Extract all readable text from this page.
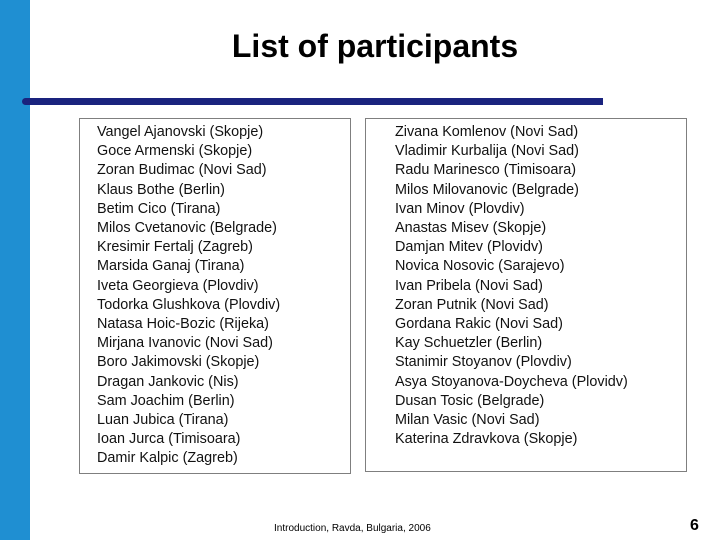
List of participants
Vangel Ajanovski (Skopje)
Goce Armenski (Skopje)
Zoran Budimac (Novi Sad)
Klaus Bothe (Berlin)
Betim Cico (Tirana)
Milos Cvetanovic (Belgrade)
Kresimir Fertalj (Zagreb)
Marsida Ganaj (Tirana)
Iveta Georgieva (Plovdiv)
Todorka Glushkova (Plovdiv)
Natasa Hoic-Bozic (Rijeka)
Mirjana Ivanovic (Novi Sad)
Boro Jakimovski (Skopje)
Dragan Jankovic (Nis)
Sam Joachim (Berlin)
Luan Jubica (Tirana)
Ioan Jurca (Timisoara)
Damir Kalpic (Zagreb)
Zivana Komlenov (Novi Sad)
Vladimir Kurbalija (Novi Sad)
Radu Marinesco (Timisoara)
Milos Milovanovic (Belgrade)
Ivan Minov (Plovdiv)
Anastas Misev (Skopje)
Damjan Mitev (Plovidv)
Novica Nosovic (Sarajevo)
Ivan Pribela (Novi Sad)
Zoran Putnik (Novi Sad)
Gordana Rakic (Novi Sad)
Kay Schuetzler (Berlin)
Stanimir Stoyanov (Plovdiv)
Asya Stoyanova-Doycheva (Plovidv)
Dusan Tosic (Belgrade)
Milan Vasic (Novi Sad)
Katerina Zdravkova (Skopje)
Introduction, Ravda, Bulgaria, 2006	6
